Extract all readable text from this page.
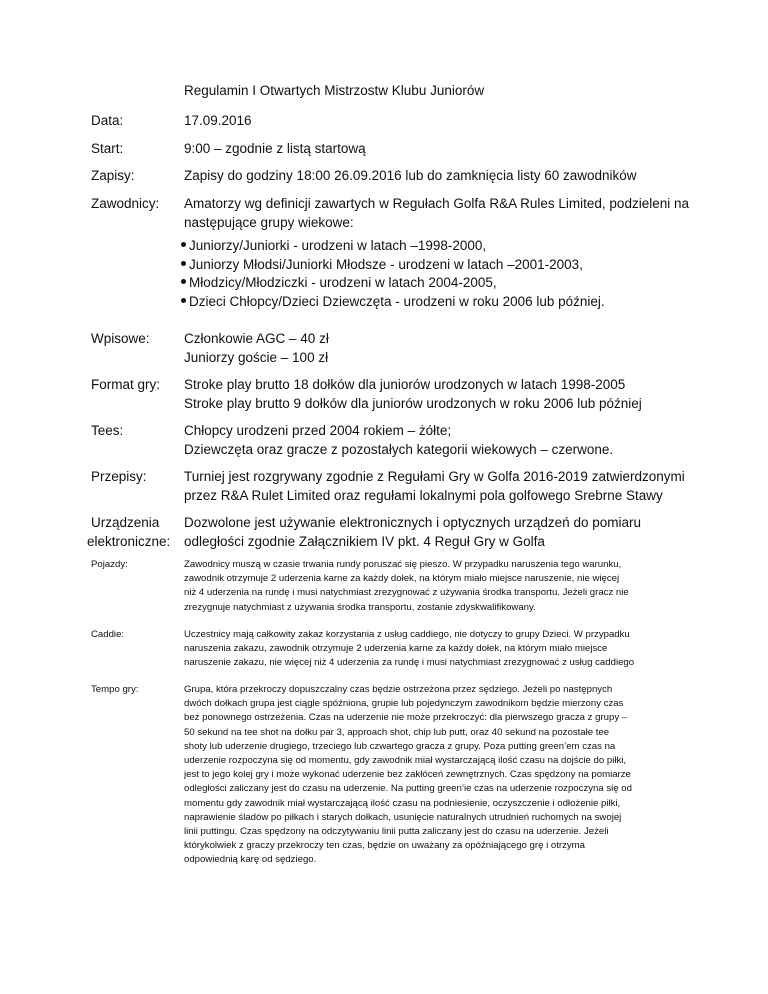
Regulamin I Otwartych Mistrzostw Klubu Juniorów
Data:	17.09.2016
Start:	9:00 – zgodnie z listą startową
Zapisy:	Zapisy do godziny 18:00 26.09.2016 lub do zamknięcia listy 60 zawodników
Zawodnicy: Amatorzy wg definicji zawartych w Regułach Golfa R&A Rules Limited, podzieleni na
następujące grupy wiekowe:
Juniorzy/Juniorki - urodzeni w latach –1998-2000,
Juniorzy Młodsi/Juniorki Młodsze - urodzeni w latach –2001-2003,
Młodzicy/Młodziczki - urodzeni w latach 2004-2005,
Dzieci Chłopcy/Dzieci Dziewczęta - urodzeni w roku 2006 lub później.
Wpisowe:	Członkowie AGC – 40 zł
Juniorzy goście – 100 zł
Format gry: Stroke play brutto 18 dołków dla juniorów urodzonych w latach 1998-2005
Stroke play brutto 9 dołków dla juniorów urodzonych w roku 2006 lub później
Tees:	Chłopcy urodzeni przed 2004 rokiem – żółte;
Dziewczęta oraz gracze z pozostałych kategorii wiekowych – czerwone.
Przepisy:	Turniej jest rozgrywany zgodnie z Regułami Gry w Golfa 2016-2019 zatwierdzonymi
przez R&A Rulet Limited oraz regułami lokalnymi pola golfowego Srebrne Stawy
Urządzenia
elektroniczne:
Dozwolone jest używanie elektronicznych i optycznych urządzeń do pomiaru
odległości zgodnie Załącznikiem IV pkt. 4 Reguł Gry w Golfa
Pojazdy:	Zawodnicy muszą w czasie trwania rundy poruszać się pieszo. W przypadku naruszenia tego warunku,
zawodnik otrzymuje 2 uderzenia karne za każdy dołek, na którym miało miejsce naruszenie, nie więcej
niż 4 uderzenia na rundę i musi natychmiast zrezygnować z używania środka transportu. Jeżeli gracz nie
zrezygnuje natychmiast z używania środka transportu, zostanie zdyskwalifikowany.
Caddie:	Uczestnicy mają całkowity zakaz korzystania z usług caddiego, nie dotyczy to grupy Dzieci. W przypadku
naruszenia zakazu, zawodnik otrzymuje 2 uderzenia karne za każdy dołek, na którym miało miejsce
naruszenie zakazu, nie więcej niż 4 uderzenia za rundę i musi natychmiast zrezygnować z usług caddiego
Tempo gry:	Grupa, która przekroczy dopuszczalny czas będzie ostrzeżona przez sędziego. Jeżeli po następnych
dwóch dołkach grupa jest ciągle spóźniona, grupie lub pojedynczym zawodnikom będzie mierzony czas
bez ponownego ostrzeżenia. Czas na uderzenie nie może przekroczyć: dla pierwszego gracza z grupy –
50 sekund na tee shot na dołku par 3, approach shot, chip lub putt, oraz 40 sekund na pozostałe tee
shoty lub uderzenie drugiego, trzeciego lub czwartego gracza z grupy. Poza putting green’em czas na
uderzenie rozpoczyna się od momentu, gdy zawodnik miał wystarczającą ilość czasu na dojście do piłki,
jest to jego kolej gry i może wykonać uderzenie bez zakłóceń zewnętrznych. Czas spędzony na pomiarze
odległości zaliczany jest do czasu na uderzenie. Na putting green’ie czas na uderzenie rozpoczyna się od
momentu gdy zawodnik miał wystarczającą ilość czasu na podniesienie, oczyszczenie i odłożenie piłki,
naprawienie śladów po piłkach i starych dołkach, usunięcie naturalnych utrudnień ruchomych na swojej
linii puttingu. Czas spędzony na odczytywaniu linii putta zaliczany jest do czasu na uderzenie. Jeżeli
którykolwiek z graczy przekroczy ten czas, będzie on uważany za opóźniającego grę i otrzyma
odpowiednią karę od sędziego.
